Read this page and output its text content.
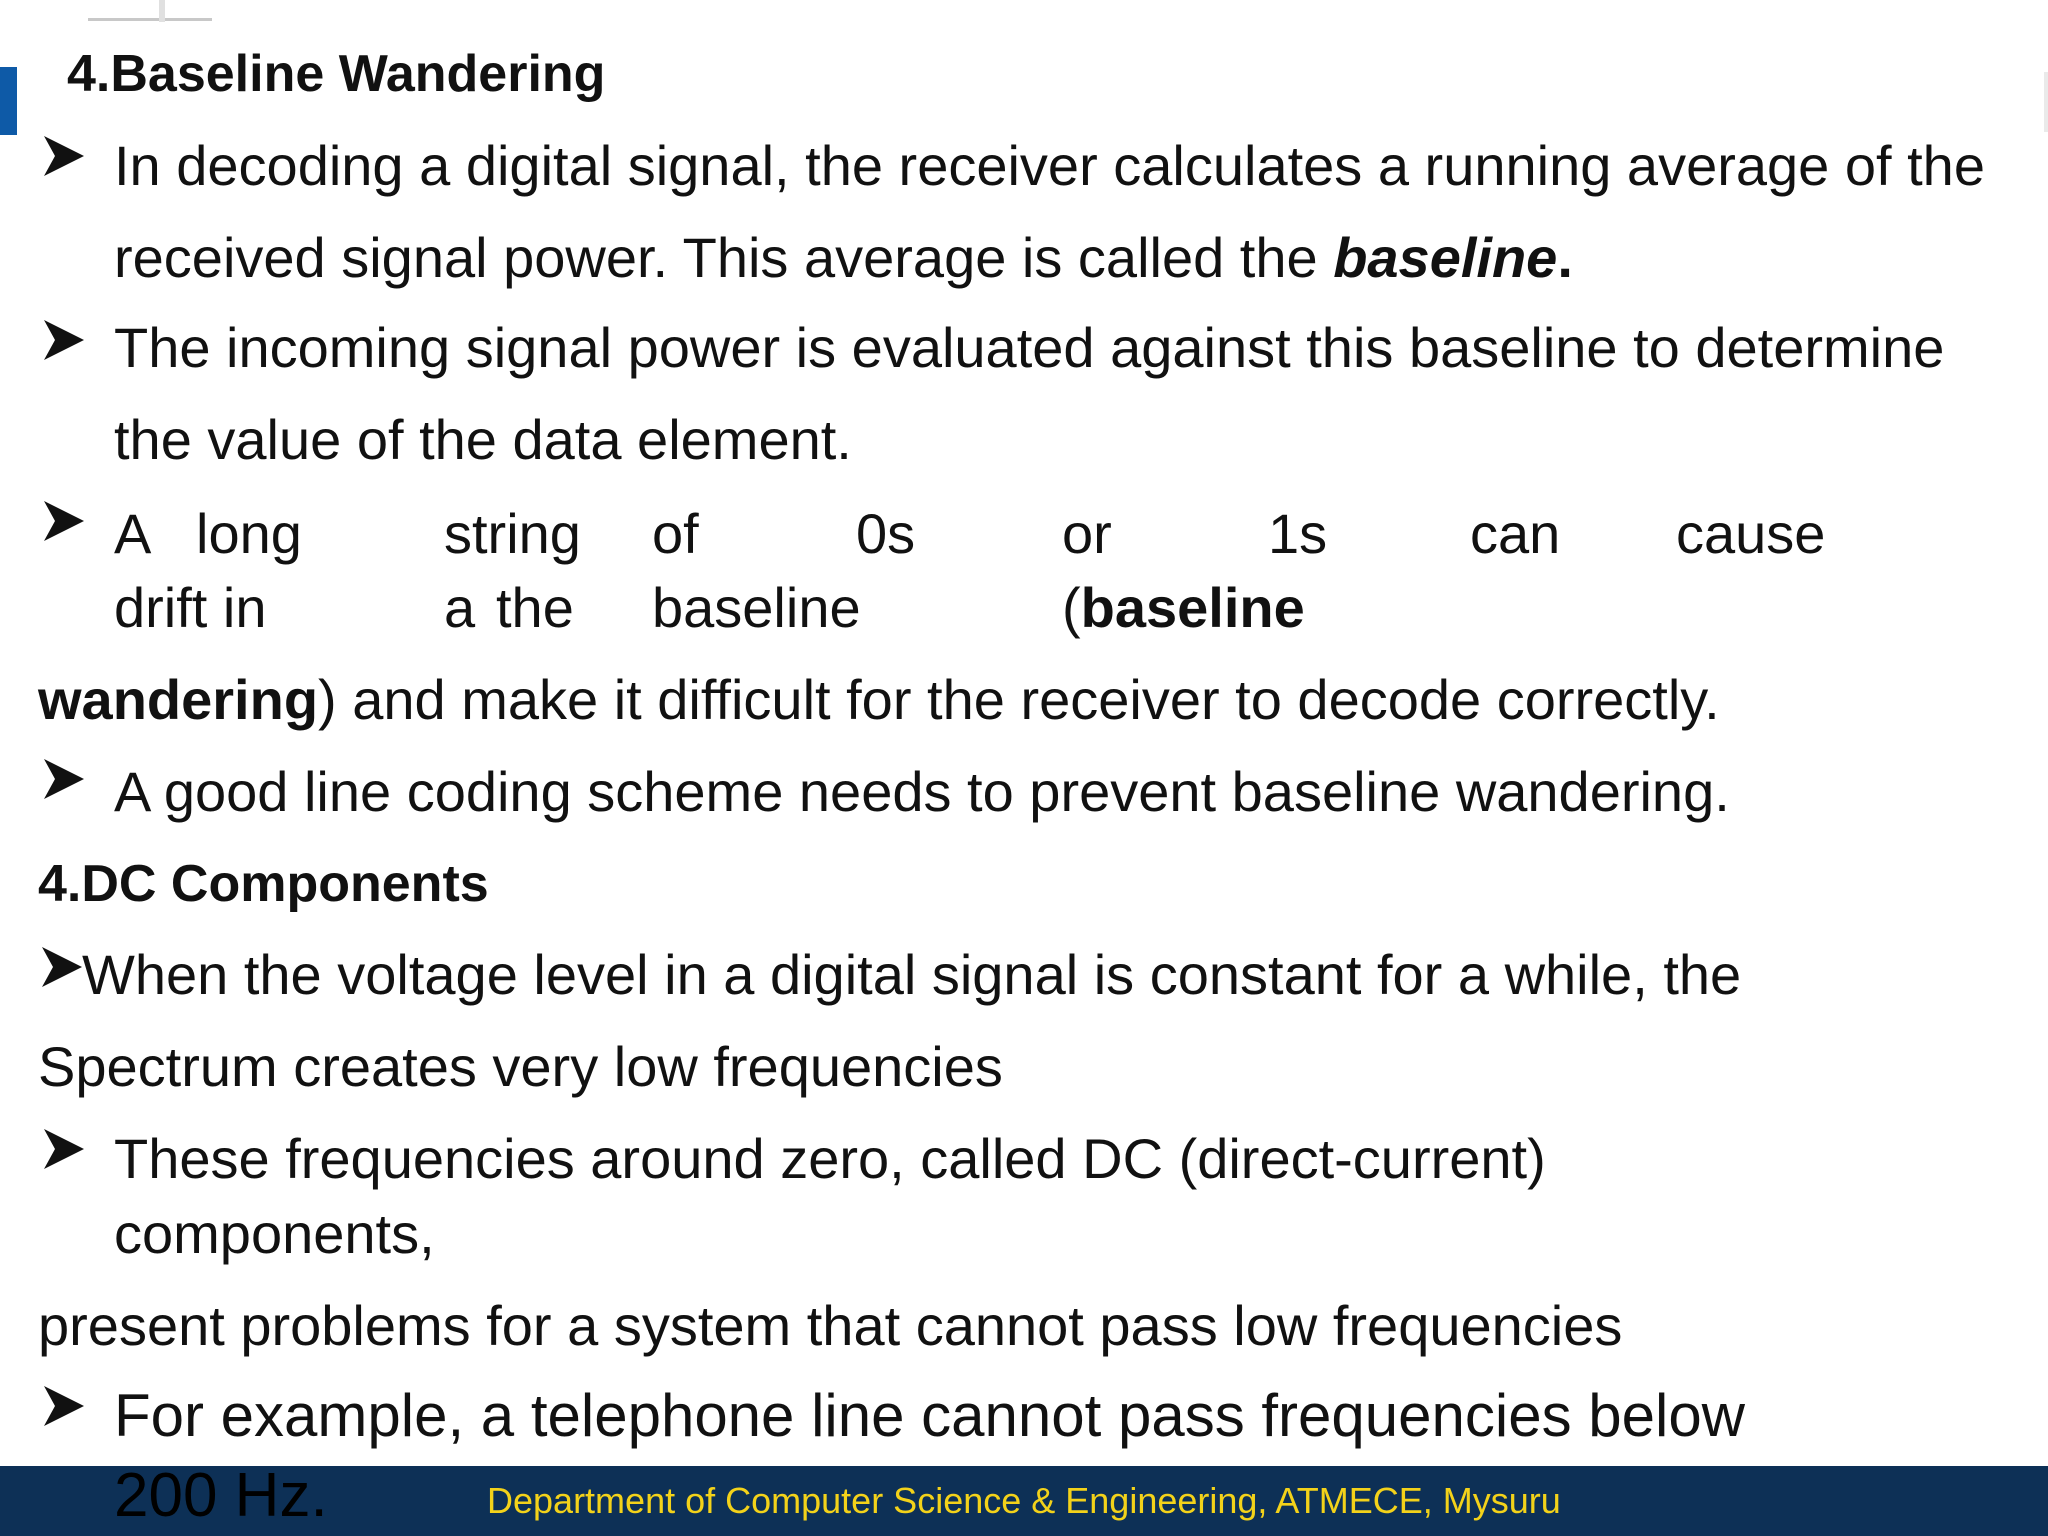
4.Baseline Wandering
In decoding a digital signal, the receiver calculates a running average of the
received signal power. This average is called the baseline.
The incoming signal power is evaluated against this baseline to determine
the value of the data element.
A long	string of	0s	or	1s	can cause
drift in	a the baseline	(baseline
wandering) and make it difficult for the receiver to decode correctly.
A good line coding scheme needs to prevent baseline wandering.
4.DC Components
When the voltage level in a digital signal is constant for a while, the
Spectrum creates very low frequencies
These frequencies around zero, called DC (direct-current)
components,
present problems for a system that cannot pass low frequencies
For example, a telephone line cannot pass frequencies below
200 Hz.	Department of Computer Science & Engineering, ATMECE, Mysuru
